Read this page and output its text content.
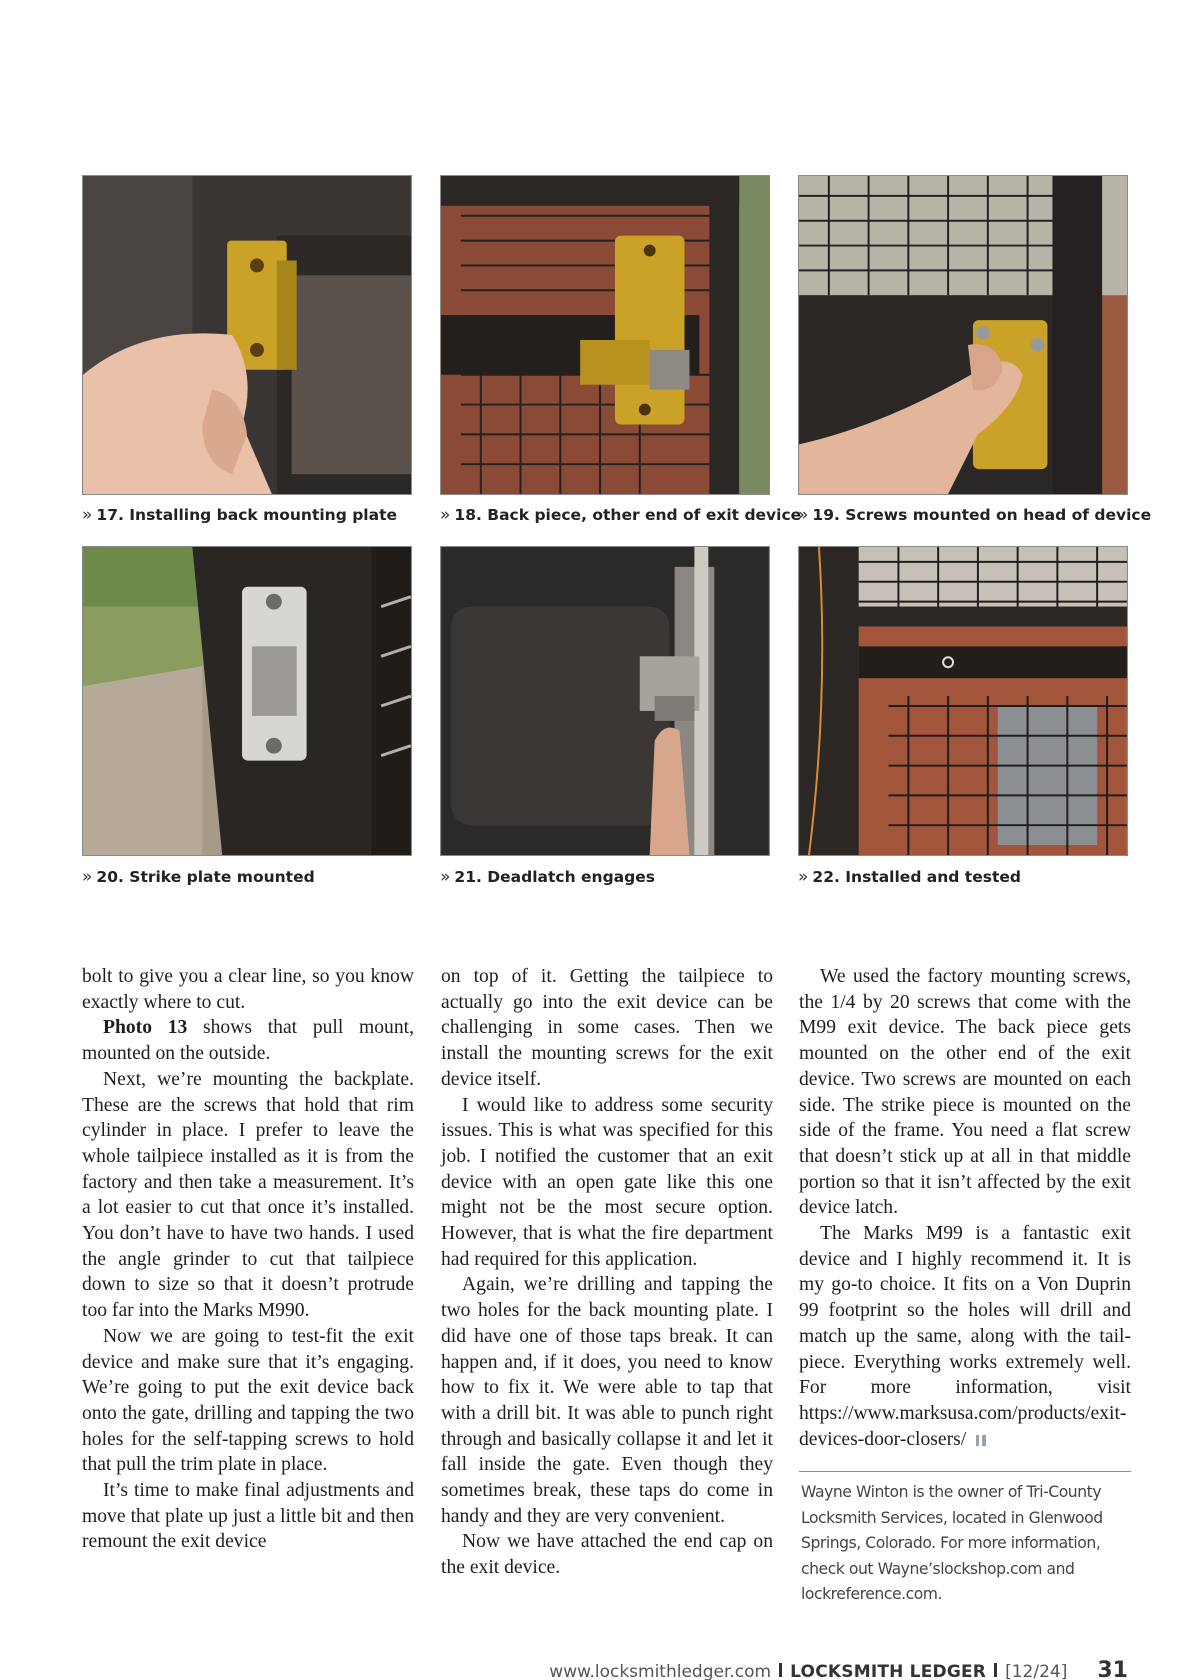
» 17. Installing back mounting plate	» 18. Back piece, other end of exit device
» 19. Screws mounted on head of device
» 20. Strike plate mounted	» 21. Deadlatch engages	» 22. Installed and tested

bolt to give you a clear line, so you know exactly where to cut.

Photo 13 shows that pull mount, mounted on the outside.

Next, we’re mounting the backplate. These are the screws that hold that rim cylinder in place. I prefer to leave the whole tailpiece installed as it is from the factory and then take a measurement. It’s a lot easier to cut that once it’s installed. You don’t have to have two hands. I used the angle grinder to cut that tailpiece down to size so that it doesn’t protrude too far into the Marks M990.

Now we are going to test-fit the exit device and make sure that it’s engaging. We’re going to put the exit device back onto the gate, drilling and tapping the two holes for the self-tapping screws to hold that pull the trim plate in place.

It’s time to make final adjustments and move that plate up just a little bit and then remount the exit device

on top of it. Getting the tailpiece to actually go into the exit device can be challenging in some cases. Then we install the mounting screws for the exit device itself.

I would like to address some security issues. This is what was specified for this job. I notified the customer that an exit device with an open gate like this one might not be the most secure option. However, that is what the fire department had required for this application.

Again, we’re drilling and tapping the two holes for the back mounting plate. I did have one of those taps break. It can happen and, if it does, you need to know how to fix it. We were able to tap that with a drill bit. It was able to punch right through and basically collapse it and let it fall inside the gate. Even though they sometimes break, these taps do come in handy and they are very convenient.

Now we have attached the end cap on the exit device.

We used the factory mounting screws, the 1/4 by 20 screws that come with the M99 exit device. The back piece gets mounted on the other end of the exit device. Two screws are mounted on each side. The strike piece is mounted on the side of the frame. You need a flat screw that doesn’t stick up at all in that middle portion so that it isn’t affected by the exit device latch.

The Marks M99 is a fantastic exit device and I highly recommend it. It is my go-to choice. It fits on a Von Duprin 99 footprint so the holes will drill and match up the same, along with the tailpiece. Everything works extremely well. For more information, visit https://www.marksusa.com/products/exit-devices-door-closers/

Wayne Winton is the owner of Tri-County Locksmith Services, located in Glenwood Springs, Colorado. For more information, check out Wayne’slockshop.com and lockreference.com.
www.locksmithledger.com LOCKSMITH LEDGER [12/24] 31
